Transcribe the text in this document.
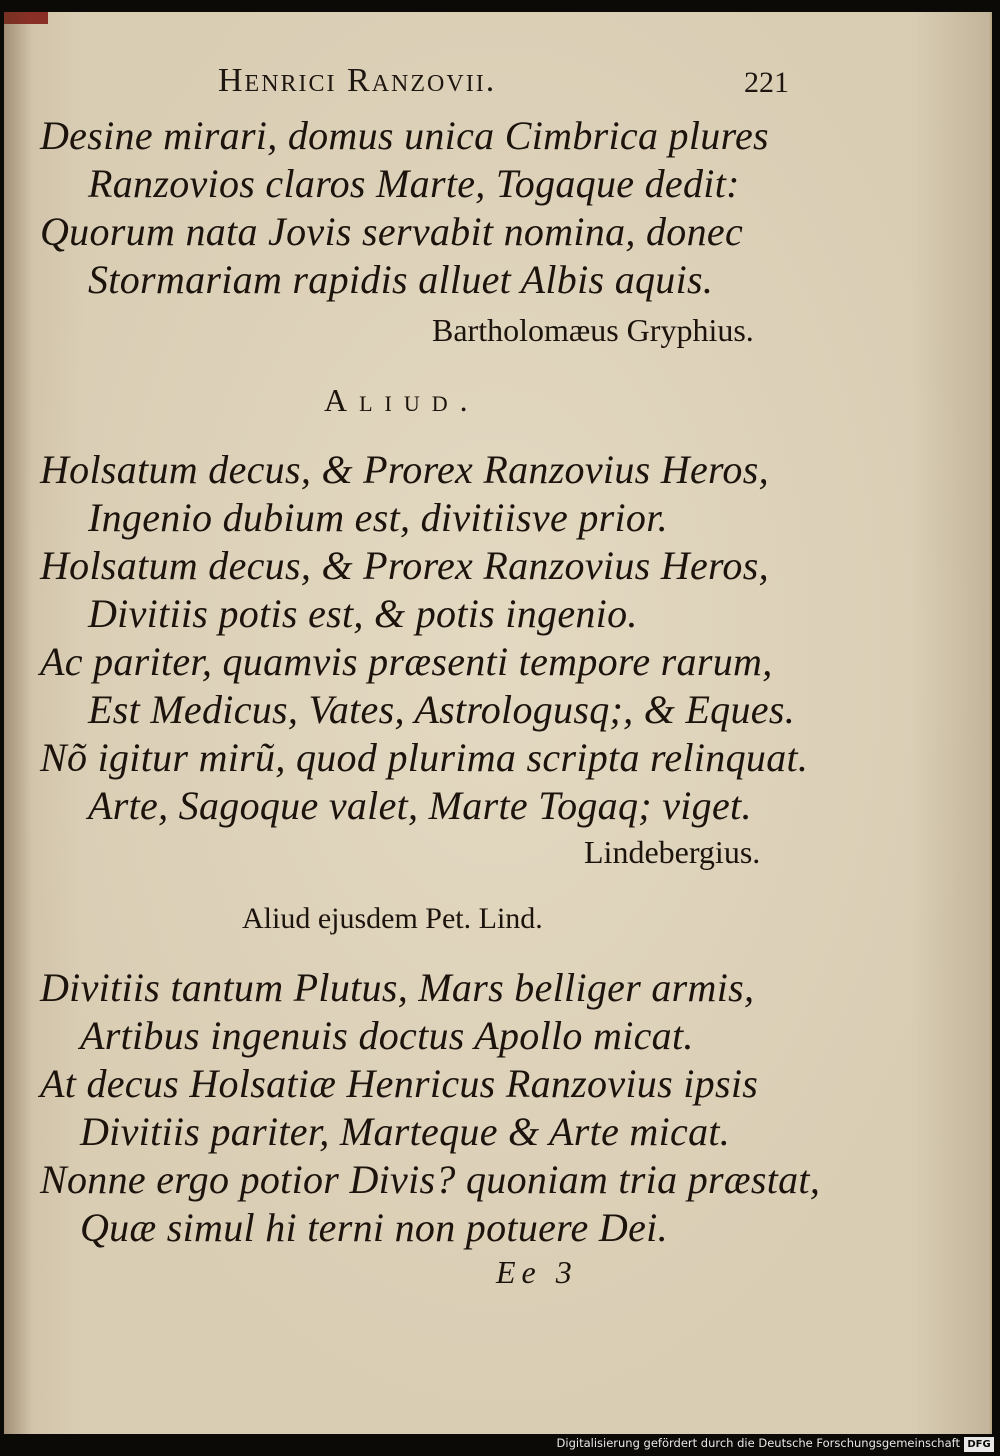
Henrici Ranzovii.	221
Desine mirari, domus unica Cimbrica plures
Ranzovios claros Marte, Togaque dedit:
Quorum nata Jovis servabit nomina, donec
Stormariam rapidis alluet Albis aquis.
Bartholomæus Gryphius.
Aliud.
Holsatum decus, & Prorex Ranzovius Heros,
Ingenio dubium est, divitiisve prior.
Holsatum decus, & Prorex Ranzovius Heros,
Divitiis potis est, & potis ingenio.
Ac pariter, quamvis præsenti tempore rarum,
Est Medicus, Vates, Astrologusq;, & Eques.
Nõ igitur mirũ, quod plurima scripta relinquat.
Arte, Sagoque valet, Marte Togaq; viget.
Lindebergius.
Aliud ejusdem Pet. Lind.
Divitiis tantum Plutus, Mars belliger armis,
Artibus ingenuis doctus Apollo micat.
At decus Holsatiæ Henricus Ranzovius ipsis
Divitiis pariter, Marteque & Arte micat.
Nonne ergo potior Divis? quoniam tria præstat,
Quæ simul hi terni non potuere Dei.
Ee 3
Digitalisierung gefördert durch die Deutsche Forschungsgemeinschaft DFG
